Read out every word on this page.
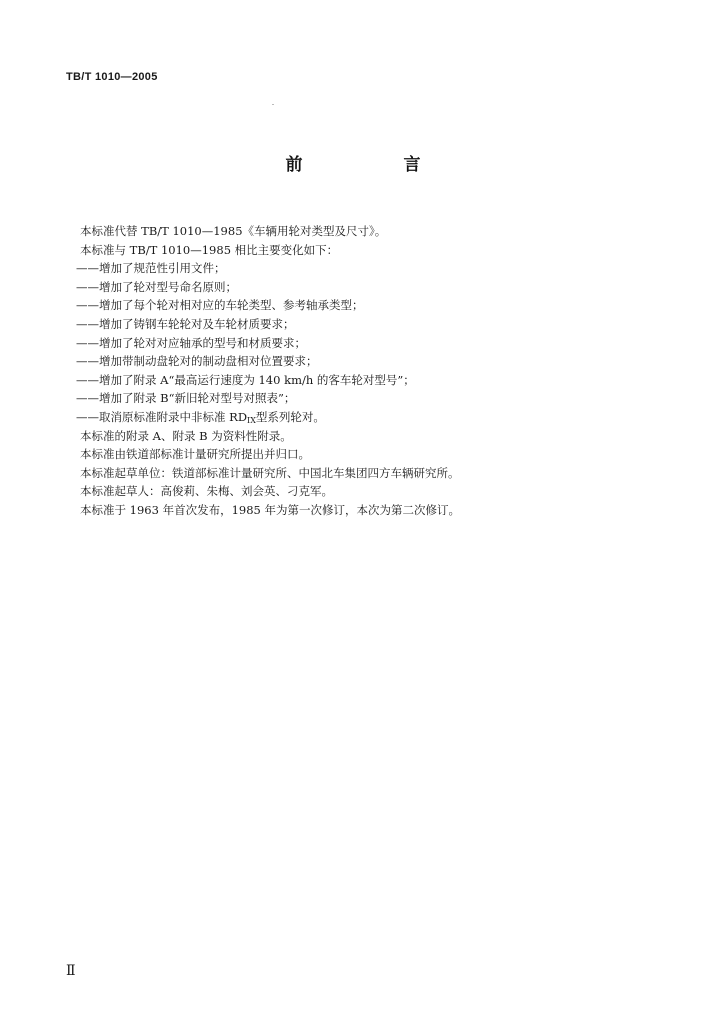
TB/T 1010—2005
前　言
本标准代替 TB/T 1010—1985《车辆用轮对类型及尺寸》。
本标准与 TB/T 1010—1985 相比主要变化如下：
——增加了规范性引用文件；
——增加了轮对型号命名原则；
——增加了每个轮对相对应的车轮类型、参考轴承类型；
——增加了铸钢车轮轮对及车轮材质要求；
——增加了轮对对应轴承的型号和材质要求；
——增加带制动盘轮对的制动盘相对位置要求；
——增加了附录 A“最高运行速度为 140 km/h 的客车轮对型号”；
——增加了附录 B“新旧轮对型号对照表”；
——取消原标准附录中非标准 $RD_{IX}$型系列轮对。
本标准的附录 A、附录 B 为资料性附录。
本标准由铁道部标准计量研究所提出并归口。
本标准起草单位：铁道部标准计量研究所、中国北车集团四方车辆研究所。
本标准起草人：高俊莉、朱梅、刘会英、刁克军。
本标准于 1963 年首次发布，1985 年为第一次修订，本次为第二次修订。
Ⅱ
